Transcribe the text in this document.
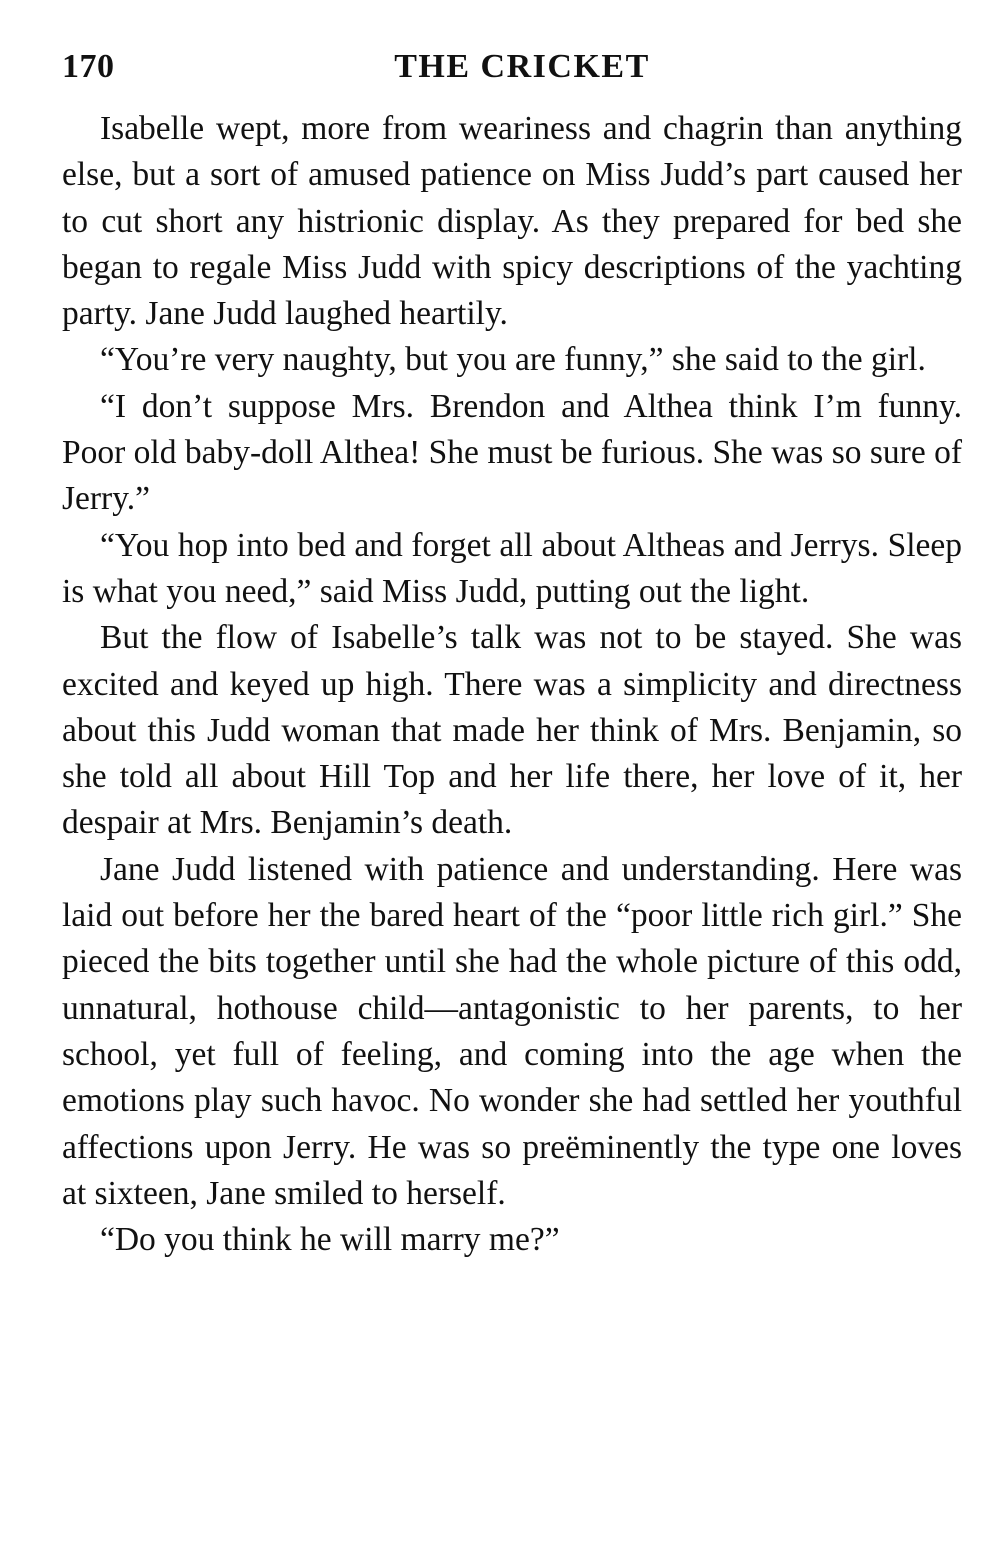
170	THE CRICKET

Isabelle wept, more from weariness and chagrin than anything else, but a sort of amused patience on Miss Judd’s part caused her to cut short any histrionic display. As they prepared for bed she began to regale Miss Judd with spicy descriptions of the yachting party. Jane Judd laughed heartily.

“You’re very naughty, but you are funny,” she said to the girl.

“I don’t suppose Mrs. Brendon and Althea think I’m funny. Poor old baby-doll Althea! She must be furious. She was so sure of Jerry.”

“You hop into bed and forget all about Altheas and Jerrys. Sleep is what you need,” said Miss Judd, putting out the light.

But the flow of Isabelle’s talk was not to be stayed. She was excited and keyed up high. There was a simplicity and directness about this Judd woman that made her think of Mrs. Benjamin, so she told all about Hill Top and her life there, her love of it, her despair at Mrs. Benjamin’s death.

Jane Judd listened with patience and understanding. Here was laid out before her the bared heart of the “poor little rich girl.” She pieced the bits together until she had the whole picture of this odd, unnatural, hothouse child—antagonistic to her parents, to her school, yet full of feeling, and coming into the age when the emotions play such havoc. No wonder she had settled her youthful affections upon Jerry. He was so preëminently the type one loves at sixteen, Jane smiled to herself.

“Do you think he will marry me?”
